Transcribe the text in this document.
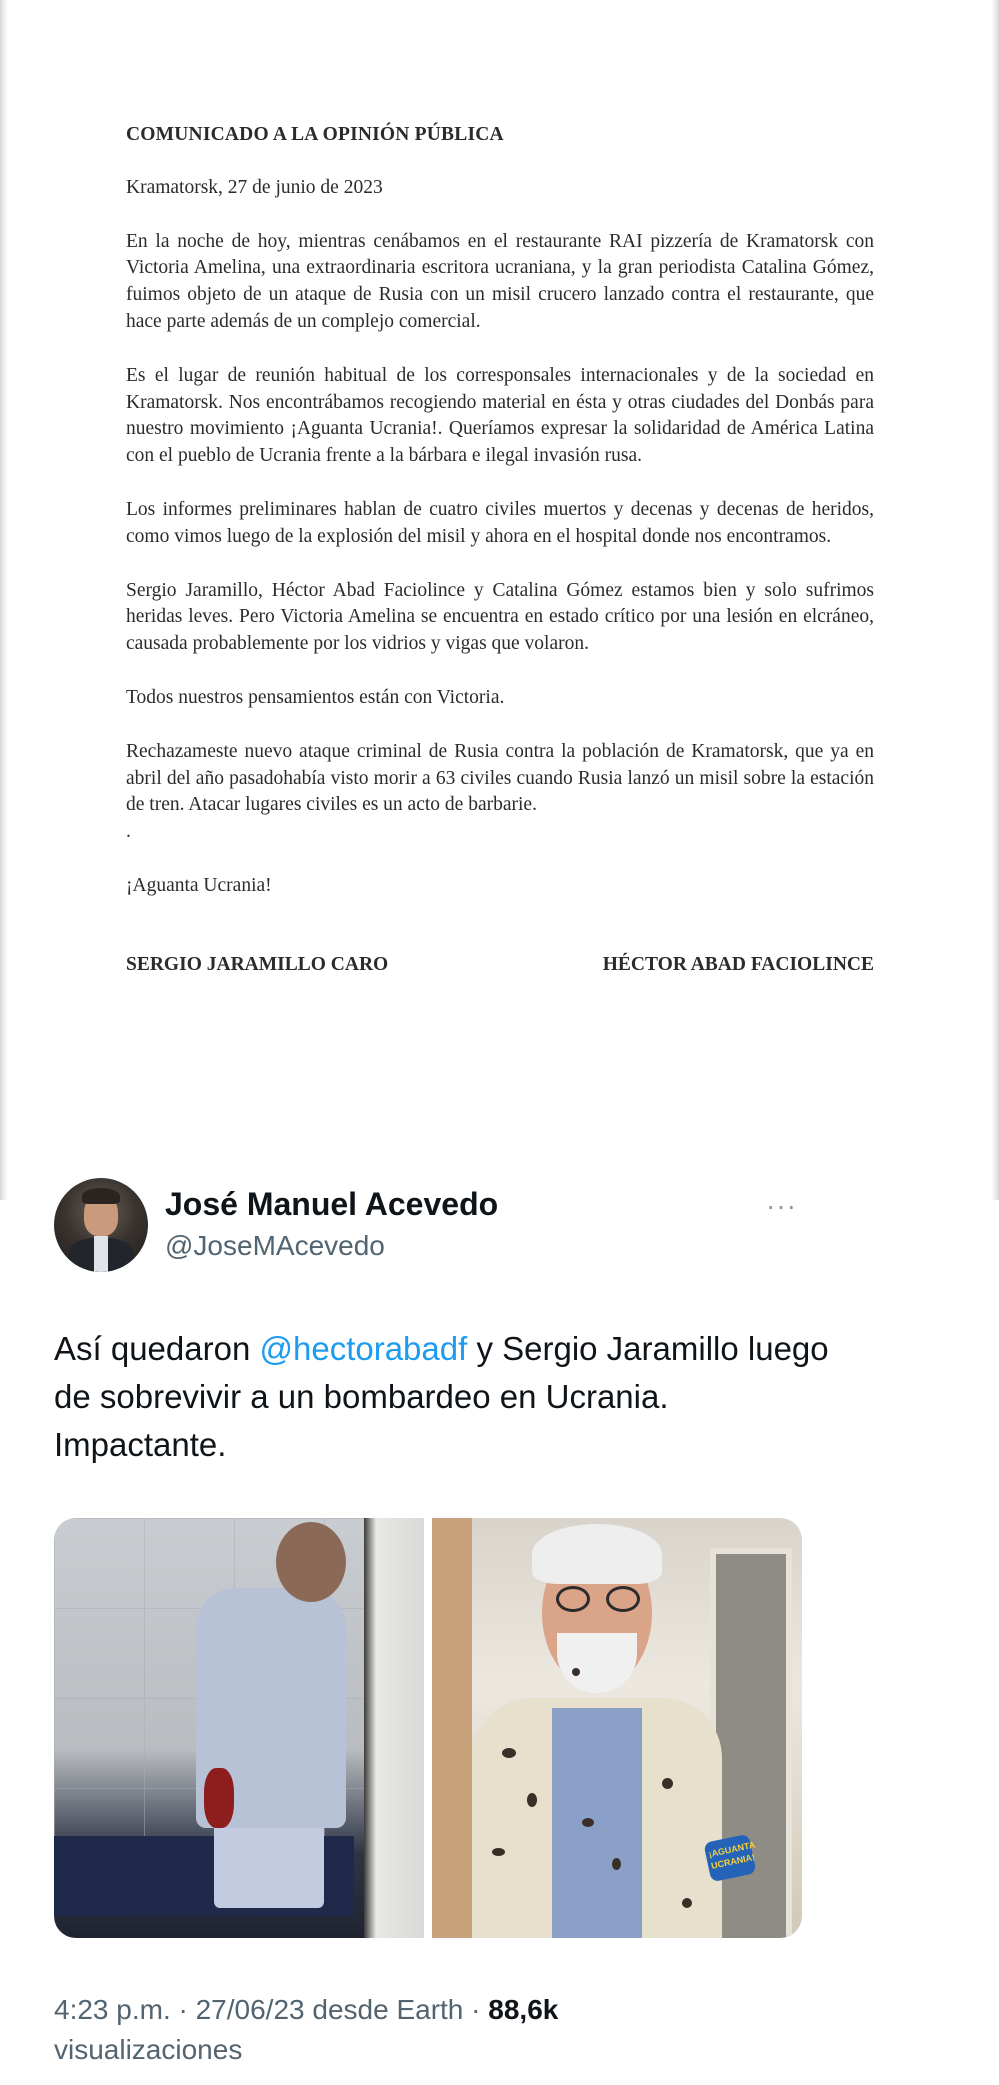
COMUNICADO A LA OPINIÓN PÚBLICA
Kramatorsk, 27 de junio de 2023
En la noche de hoy, mientras cenábamos en el restaurante RAI pizzería de Kramatorsk con Victoria Amelina, una extraordinaria escritora ucraniana, y la gran periodista Catalina Gómez, fuimos objeto de un ataque de Rusia con un misil crucero lanzado contra el restaurante, que hace parte además de un complejo comercial.
Es el lugar de reunión habitual de los corresponsales internacionales y de la sociedad en Kramatorsk. Nos encontrábamos recogiendo material en ésta y otras ciudades del Donbás para nuestro movimiento ¡Aguanta Ucrania!. Queríamos expresar la solidaridad de América Latina con el pueblo de Ucrania frente a la bárbara e ilegal invasión rusa.
Los informes preliminares hablan de cuatro civiles muertos y decenas y decenas de heridos, como vimos luego de la explosión del misil y ahora en el hospital donde nos encontramos.
Sergio Jaramillo, Héctor Abad Faciolince y Catalina Gómez estamos bien y solo sufrimos heridas leves. Pero Victoria Amelina se encuentra en estado crítico por una lesión en elcráneo, causada probablemente por los vidrios y vigas que volaron.
Todos nuestros pensamientos están con Victoria.
Rechazameste nuevo ataque criminal de Rusia contra la población de Kramatorsk, que ya en abril del año pasadohabía visto morir a 63 civiles cuando Rusia lanzó un misil sobre la estación de tren. Atacar lugares civiles es un acto de barbarie.
.
¡Aguanta Ucrania!
SERGIO JARAMILLO CARO	HÉCTOR ABAD FACIOLINCE
José Manuel Acevedo
@JoseMAcevedo
···
Así quedaron @hectorabadf y Sergio Jaramillo luego de sobrevivir a un bombardeo en Ucrania. Impactante.
¡AGUANTA UCRANIA!
4:23 p.m. · 27/06/23 desde Earth · 88,6k
visualizaciones
